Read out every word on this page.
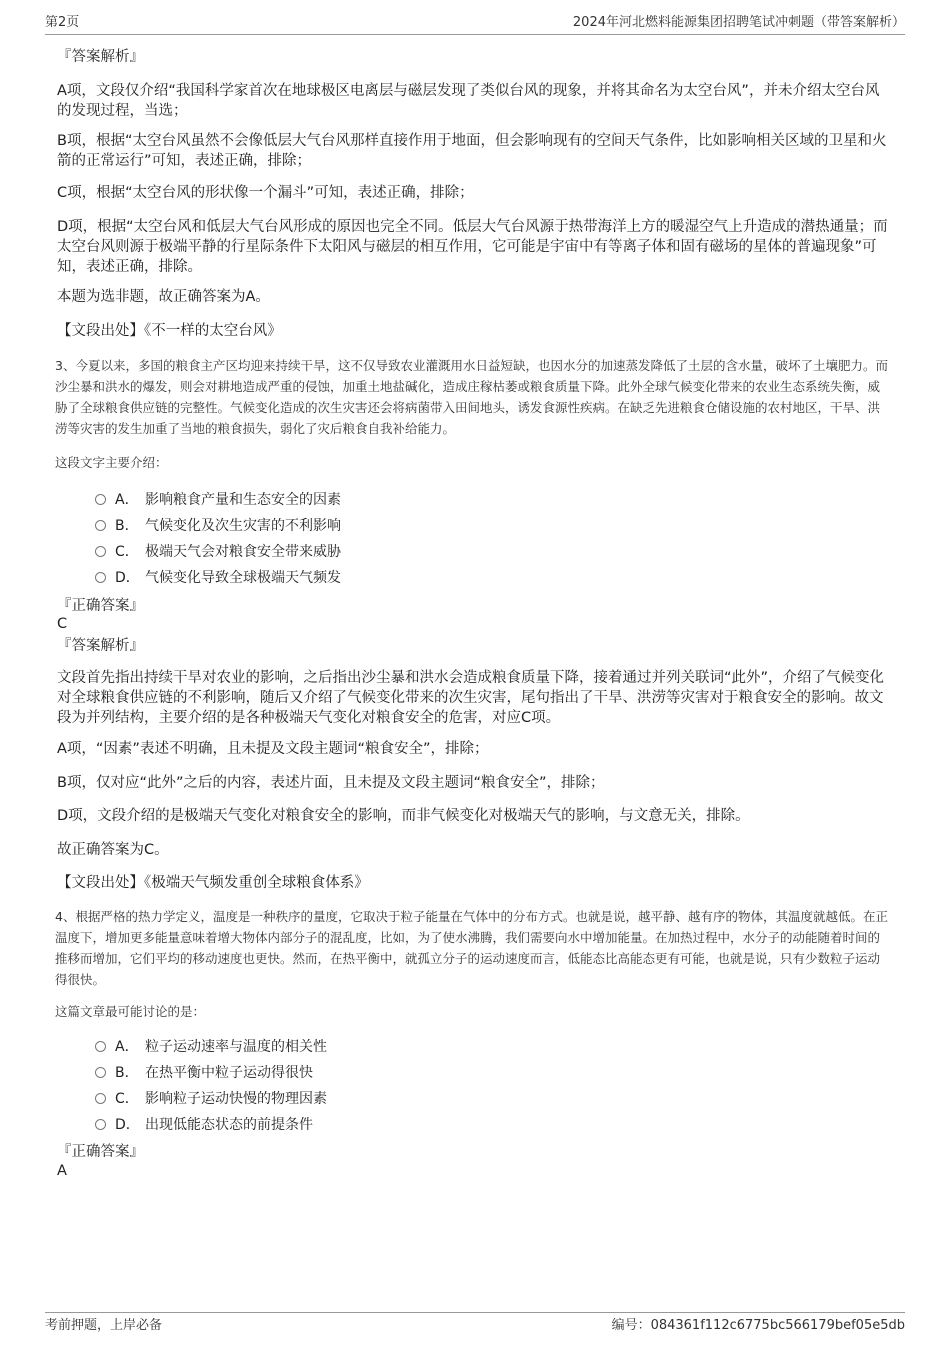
第2页	2024年河北燃料能源集团招聘笔试冲刺题（带答案解析）
『答案解析』

A项，文段仅介绍“我国科学家首次在地球极区电离层与磁层发现了类似台风的现象，并将其命名为太空台风”，并未介绍太空台风的发现过程，当选；

B项，根据“太空台风虽然不会像低层大气台风那样直接作用于地面，但会影响现有的空间天气条件，比如影响相关区域的卫星和火箭的正常运行”可知，表述正确，排除；

C项，根据“太空台风的形状像一个漏斗”可知，表述正确，排除；

D项，根据“太空台风和低层大气台风形成的原因也完全不同。低层大气台风源于热带海洋上方的暖湿空气上升造成的潜热通量；而太空台风则源于极端平静的行星际条件下太阳风与磁层的相互作用，它可能是宇宙中有等离子体和固有磁场的星体的普遍现象”可知，表述正确，排除。

本题为选非题，故正确答案为A。

【文段出处】《不一样的太空台风》

3、今夏以来，多国的粮食主产区均迎来持续干旱，这不仅导致农业灌溉用水日益短缺，也因水分的加速蒸发降低了土层的含水量，破坏了土壤肥力。而沙尘暴和洪水的爆发，则会对耕地造成严重的侵蚀，加重土地盐碱化，造成庄稼枯萎或粮食质量下降。此外全球气候变化带来的农业生态系统失衡，威胁了全球粮食供应链的完整性。气候变化造成的次生灾害还会将病菌带入田间地头，诱发食源性疾病。在缺乏先进粮食仓储设施的农村地区，干旱、洪涝等灾害的发生加重了当地的粮食损失，弱化了灾后粮食自我补给能力。

这段文字主要介绍：

A． 影响粮食产量和生态安全的因素
B． 气候变化及次生灾害的不利影响
C． 极端天气会对粮食安全带来威胁
D． 气候变化导致全球极端天气频发
『正确答案』
C
『答案解析』

文段首先指出持续干旱对农业的影响，之后指出沙尘暴和洪水会造成粮食质量下降，接着通过并列关联词“此外”，介绍了气候变化对全球粮食供应链的不利影响，随后又介绍了气候变化带来的次生灾害，尾句指出了干旱、洪涝等灾害对于粮食安全的影响。故文段为并列结构，主要介绍的是各种极端天气变化对粮食安全的危害，对应C项。

A项，“因素”表述不明确，且未提及文段主题词“粮食安全”，排除；

B项，仅对应“此外”之后的内容，表述片面，且未提及文段主题词“粮食安全”，排除；

D项，文段介绍的是极端天气变化对粮食安全的影响，而非气候变化对极端天气的影响，与文意无关，排除。

故正确答案为C。

【文段出处】《极端天气频发重创全球粮食体系》

4、根据严格的热力学定义，温度是一种秩序的量度，它取决于粒子能量在气体中的分布方式。也就是说，越平静、越有序的物体，其温度就越低。在正温度下，增加更多能量意味着增大物体内部分子的混乱度，比如，为了使水沸腾，我们需要向水中增加能量。在加热过程中，水分子的动能随着时间的推移而增加，它们平均的移动速度也更快。然而，在热平衡中，就孤立分子的运动速度而言，低能态比高能态更有可能，也就是说，只有少数粒子运动得很快。

这篇文章最可能讨论的是：

A． 粒子运动速率与温度的相关性
B． 在热平衡中粒子运动得很快
C． 影响粒子运动快慢的物理因素
D． 出现低能态状态的前提条件
『正确答案』
A
考前押题，上岸必备	编号：084361f112c6775bc566179bef05e5db
